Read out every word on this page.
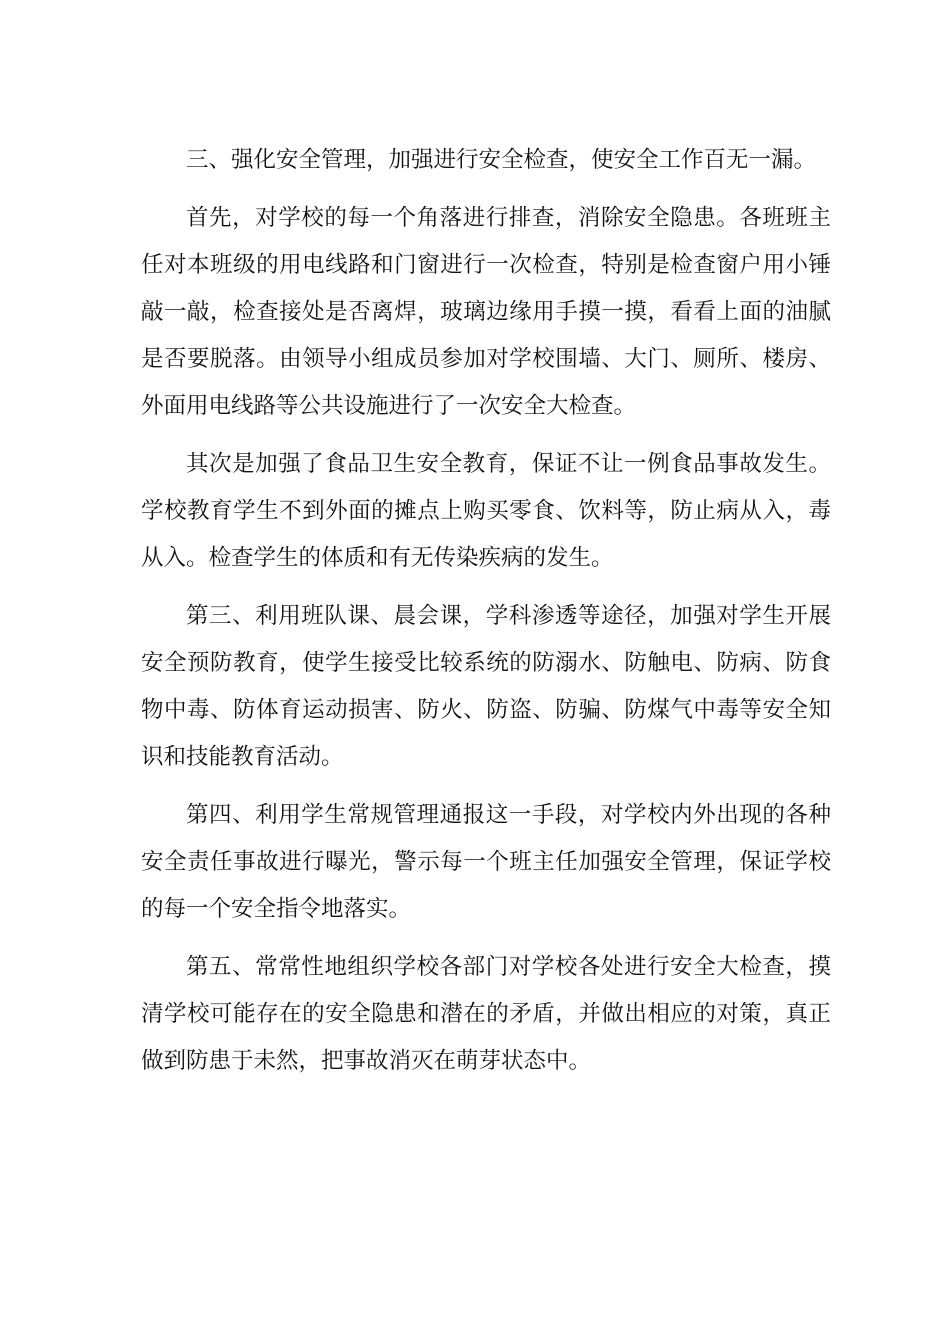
三、强化安全管理，加强进行安全检查，使安全工作百无一漏。

首先，对学校的每一个角落进行排查，消除安全隐患。各班班主任对本班级的用电线路和门窗进行一次检查，特别是检查窗户用小锤敲一敲，检查接处是否离焊，玻璃边缘用手摸一摸，看看上面的油腻是否要脱落。由领导小组成员参加对学校围墙、大门、厕所、楼房、外面用电线路等公共设施进行了一次安全大检查。

其次是加强了食品卫生安全教育，保证不让一例食品事故发生。学校教育学生不到外面的摊点上购买零食、饮料等，防止病从入，毒从入。检查学生的体质和有无传染疾病的发生。

第三、利用班队课、晨会课，学科渗透等途径，加强对学生开展安全预防教育，使学生接受比较系统的防溺水、防触电、防病、防食物中毒、防体育运动损害、防火、防盗、防骗、防煤气中毒等安全知识和技能教育活动。

第四、利用学生常规管理通报这一手段，对学校内外出现的各种安全责任事故进行曝光，警示每一个班主任加强安全管理，保证学校的每一个安全指令地落实。

第五、常常性地组织学校各部门对学校各处进行安全大检查，摸清学校可能存在的安全隐患和潜在的矛盾，并做出相应的对策，真正做到防患于未然，把事故消灭在萌芽状态中。
